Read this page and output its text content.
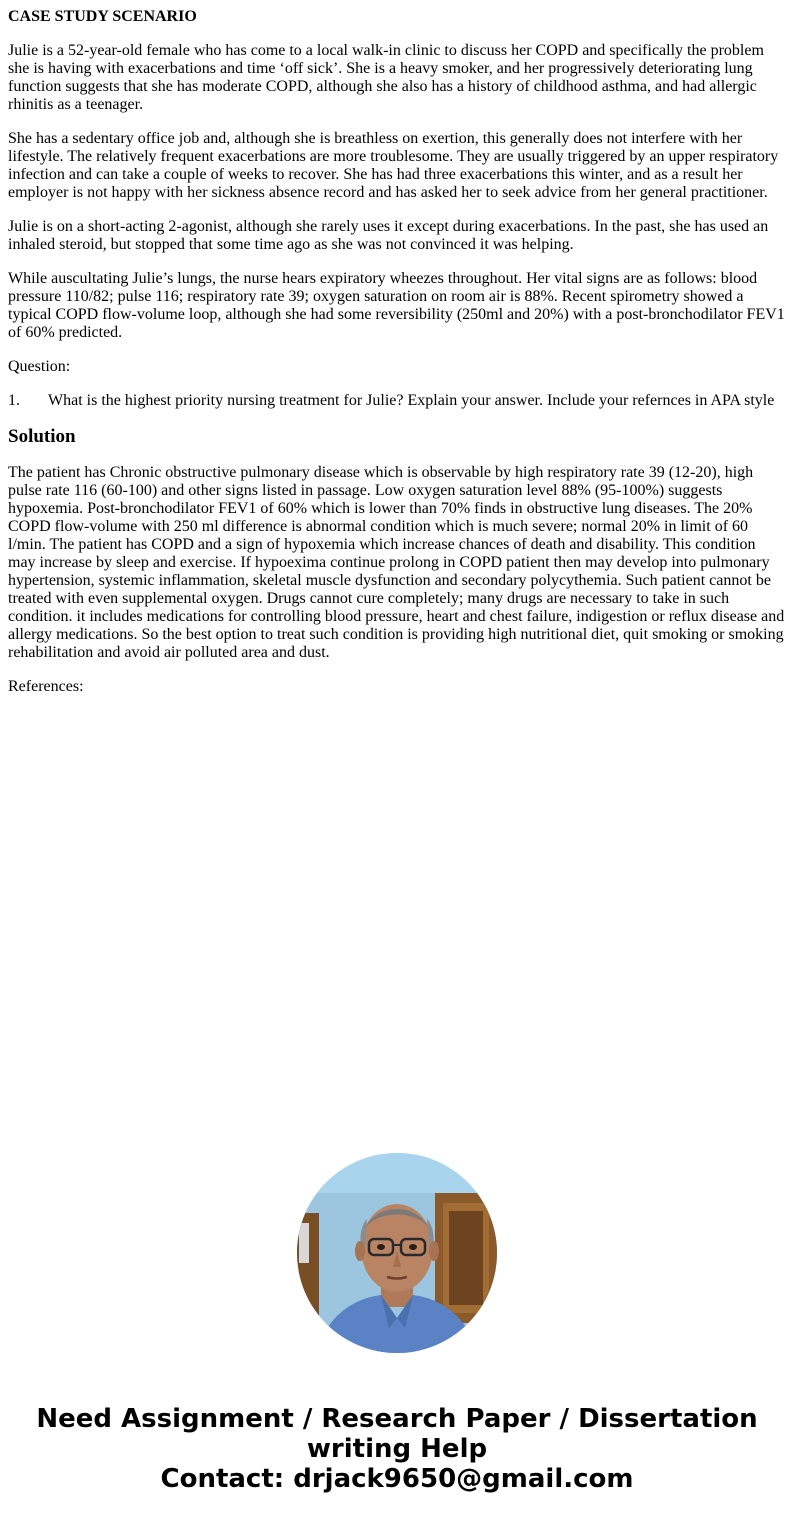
CASE STUDY SCENARIO

Julie is a 52-year-old female who has come to a local walk-in clinic to discuss her COPD and specifically the problem she is having with exacerbations and time ‘off sick’. She is a heavy smoker, and her progressively deteriorating lung function suggests that she has moderate COPD, although she also has a history of childhood asthma, and had allergic rhinitis as a teenager.

She has a sedentary office job and, although she is breathless on exertion, this generally does not interfere with her lifestyle. The relatively frequent exacerbations are more troublesome. They are usually triggered by an upper respiratory infection and can take a couple of weeks to recover. She has had three exacerbations this winter, and as a result her employer is not happy with her sickness absence record and has asked her to seek advice from her general practitioner.

Julie is on a short-acting 2-agonist, although she rarely uses it except during exacerbations. In the past, she has used an inhaled steroid, but stopped that some time ago as she was not convinced it was helping.

While auscultating Julie’s lungs, the nurse hears expiratory wheezes throughout. Her vital signs are as follows: blood pressure 110/82; pulse 116; respiratory rate 39; oxygen saturation on room air is 88%. Recent spirometry showed a typical COPD flow-volume loop, although she had some reversibility (250ml and 20%) with a post-bronchodilator FEV1 of 60% predicted.

Question:

1.	What is the highest priority nursing treatment for Julie? Explain your answer. Include your refernces in APA style
Solution

The patient has Chronic obstructive pulmonary disease which is observable by high respiratory rate 39 (12-20), high pulse rate 116 (60-100) and other signs listed in passage. Low oxygen saturation level 88% (95-100%) suggests hypoxemia. Post-bronchodilator FEV1 of 60% which is lower than 70% finds in obstructive lung diseases. The 20% COPD flow-volume with 250 ml difference is abnormal condition which is much severe; normal 20% in limit of 60 l/min. The patient has COPD and a sign of hypoxemia which increase chances of death and disability. This condition may increase by sleep and exercise. If hypoexima continue prolong in COPD patient then may develop into pulmonary hypertension, systemic inflammation, skeletal muscle dysfunction and secondary polycythemia. Such patient cannot be treated with even supplemental oxygen. Drugs cannot cure completely; many drugs are necessary to take in such condition. it includes medications for controlling blood pressure, heart and chest failure, indigestion or reflux disease and allergy medications. So the best option to treat such condition is providing high nutritional diet, quit smoking or smoking rehabilitation and avoid air polluted area and dust.

References:

Need Assignment / Research Paper / Dissertation
writing Help
Contact: drjack9650@gmail.com
